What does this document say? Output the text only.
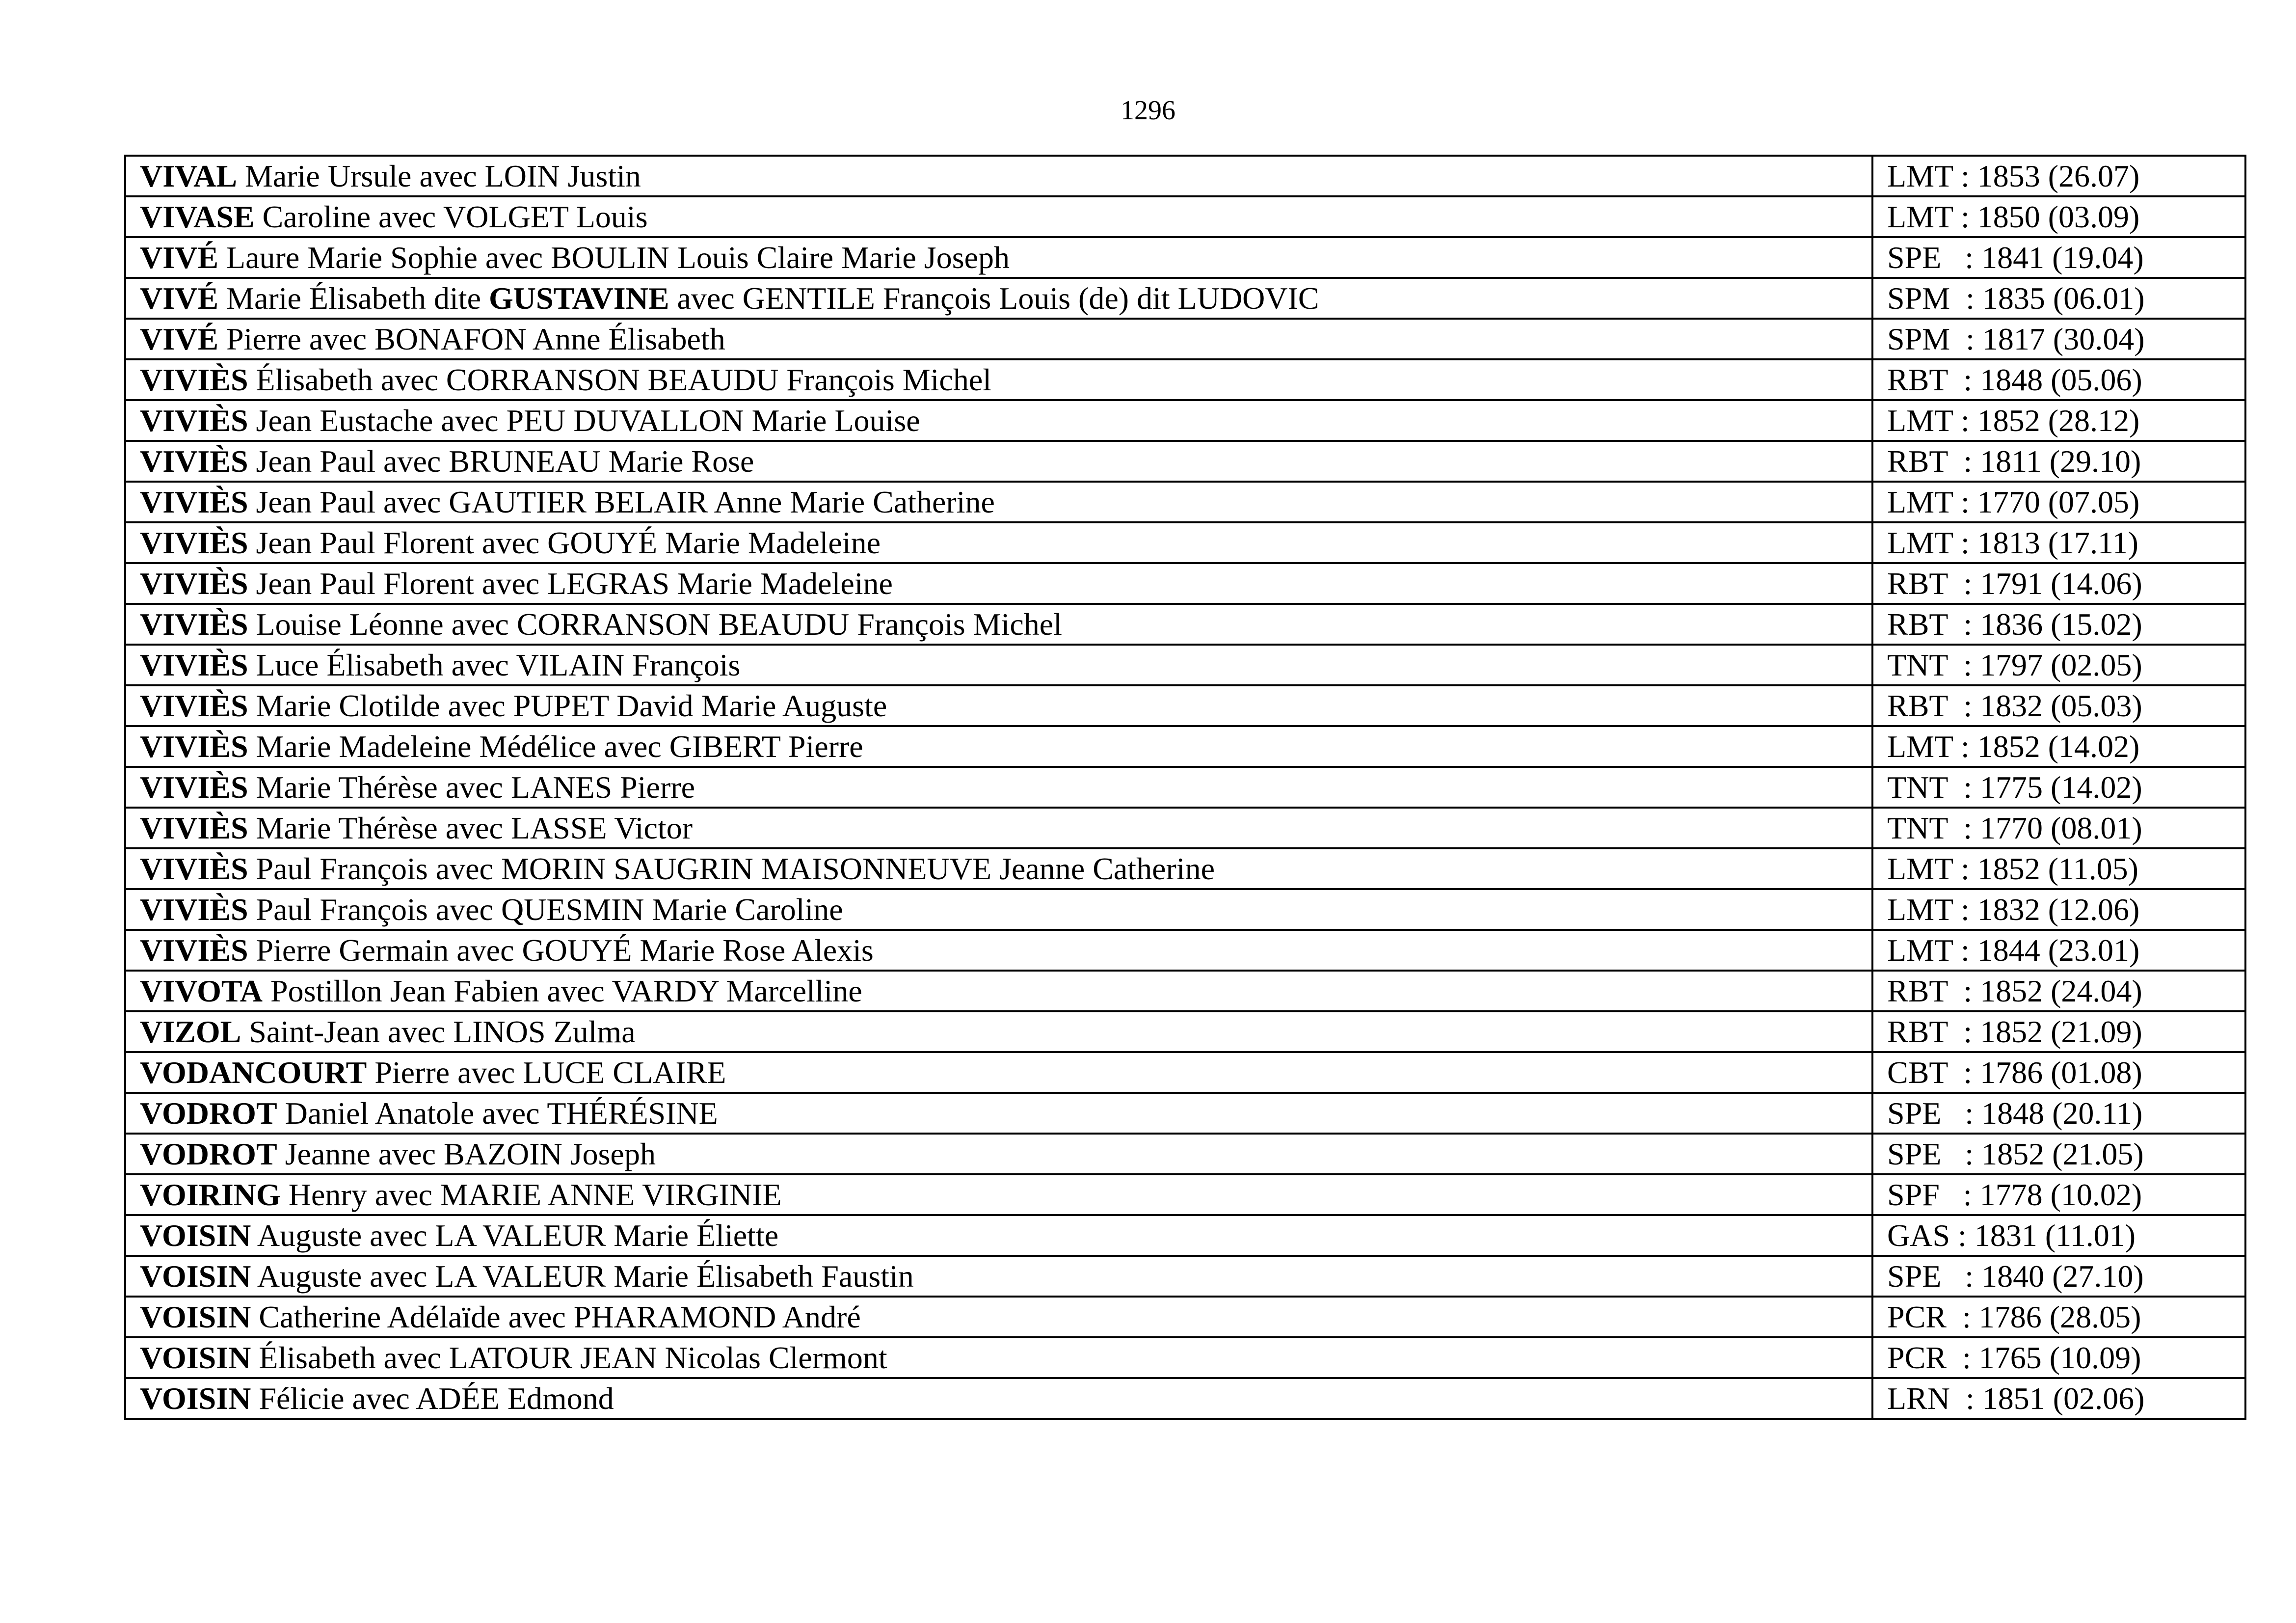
1296
VIVAL Marie Ursule avec LOIN Justin	LMT : 1853 (26.07)
VIVASE Caroline avec VOLGET Louis	LMT : 1850 (03.09)
VIVÉ Laure Marie Sophie avec BOULIN Louis Claire Marie Joseph	SPE   : 1841 (19.04)
VIVÉ Marie Élisabeth dite GUSTAVINE avec GENTILE François Louis (de) dit LUDOVIC	SPM  : 1835 (06.01)
VIVÉ Pierre avec BONAFON Anne Élisabeth	SPM  : 1817 (30.04)
VIVIÈS Élisabeth avec CORRANSON BEAUDU François Michel	RBT  : 1848 (05.06)
VIVIÈS Jean Eustache avec PEU DUVALLON Marie Louise	LMT : 1852 (28.12)
VIVIÈS Jean Paul avec BRUNEAU Marie Rose	RBT  : 1811 (29.10)
VIVIÈS Jean Paul avec GAUTIER BELAIR Anne Marie Catherine	LMT : 1770 (07.05)
VIVIÈS Jean Paul Florent avec GOUYÉ Marie Madeleine	LMT : 1813 (17.11)
VIVIÈS Jean Paul Florent avec LEGRAS Marie Madeleine	RBT  : 1791 (14.06)
VIVIÈS Louise Léonne avec CORRANSON BEAUDU François Michel	RBT  : 1836 (15.02)
VIVIÈS Luce Élisabeth avec VILAIN François	TNT  : 1797 (02.05)
VIVIÈS Marie Clotilde avec PUPET David Marie Auguste	RBT  : 1832 (05.03)
VIVIÈS Marie Madeleine Médélice avec GIBERT Pierre	LMT : 1852 (14.02)
VIVIÈS Marie Thérèse avec LANES Pierre	TNT  : 1775 (14.02)
VIVIÈS Marie Thérèse avec LASSE Victor	TNT  : 1770 (08.01)
VIVIÈS Paul François avec MORIN SAUGRIN MAISONNEUVE Jeanne Catherine	LMT : 1852 (11.05)
VIVIÈS Paul François avec QUESMIN Marie Caroline	LMT : 1832 (12.06)
VIVIÈS Pierre Germain avec GOUYÉ Marie Rose Alexis	LMT : 1844 (23.01)
VIVOTA Postillon Jean Fabien avec VARDY Marcelline	RBT  : 1852 (24.04)
VIZOL Saint-Jean avec LINOS Zulma	RBT  : 1852 (21.09)
VODANCOURT Pierre avec LUCE CLAIRE	CBT  : 1786 (01.08)
VODROT Daniel Anatole avec THÉRÉSINE	SPE   : 1848 (20.11)
VODROT Jeanne avec BAZOIN Joseph	SPE   : 1852 (21.05)
VOIRING Henry avec MARIE ANNE VIRGINIE	SPF   : 1778 (10.02)
VOISIN Auguste avec LA VALEUR Marie Éliette	GAS : 1831 (11.01)
VOISIN Auguste avec LA VALEUR Marie Élisabeth Faustin	SPE   : 1840 (27.10)
VOISIN Catherine Adélaïde avec PHARAMOND André	PCR  : 1786 (28.05)
VOISIN Élisabeth avec LATOUR JEAN Nicolas Clermont	PCR  : 1765 (10.09)
VOISIN Félicie avec ADÉE Edmond	LRN  : 1851 (02.06)
